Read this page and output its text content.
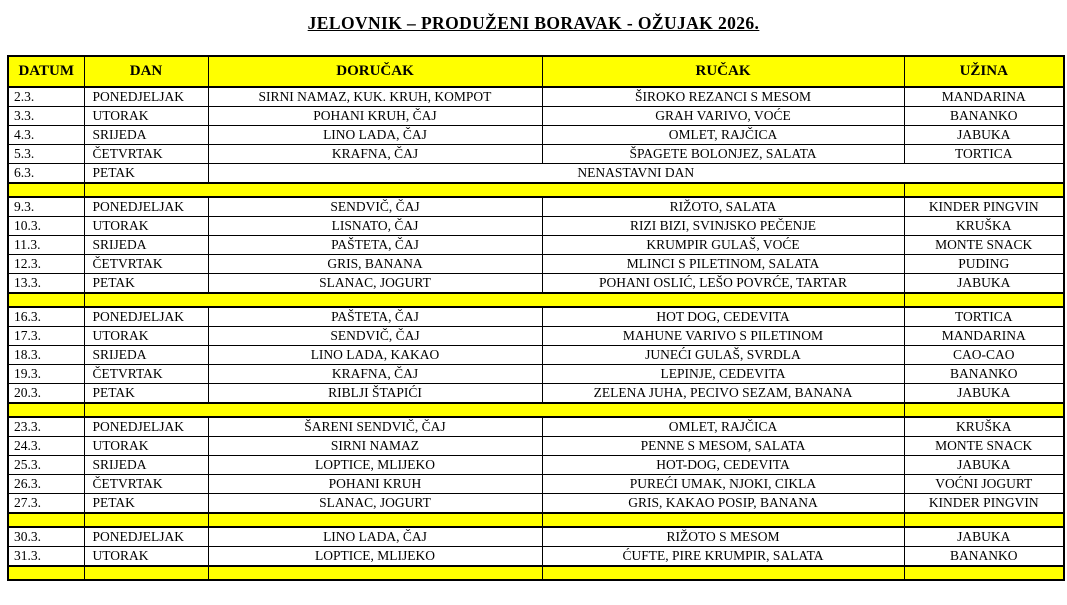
JELOVNIK – PRODUŽENI BORAVAK - OŽUJAK 2026.
DATUM	DAN	DORUČAK	RUČAK	UŽINA
2.3.	PONEDJELJAK	SIRNI NAMAZ, KUK. KRUH, KOMPOT	ŠIROKO REZANCI S MESOM	MANDARINA
3.3.	UTORAK	POHANI KRUH, ČAJ	GRAH VARIVO, VOĆE	BANANKO
4.3.	SRIJEDA	LINO LADA, ČAJ	OMLET, RAJČICA	JABUKA
5.3.	ČETVRTAK	KRAFNA, ČAJ	ŠPAGETE BOLONJEZ, SALATA	TORTICA
6.3.	PETAK	NENASTAVNI DAN		

9.3.	PONEDJELJAK	SENDVIČ, ČAJ	RIŽOTO, SALATA	KINDER PINGVIN
10.3.	UTORAK	LISNATO, ČAJ	RIZI BIZI, SVINJSKO PEČENJE	KRUŠKA
11.3.	SRIJEDA	PAŠTETA, ČAJ	KRUMPIR GULAŠ, VOĆE	MONTE SNACK
12.3.	ČETVRTAK	GRIS, BANANA	MLINCI S PILETINOM, SALATA	PUDING
13.3.	PETAK	SLANAC, JOGURT	POHANI OSLIĆ, LEŠO POVRĆE, TARTAR	JABUKA

16.3.	PONEDJELJAK	PAŠTETA, ČAJ	HOT DOG, CEDEVITA	TORTICA
17.3.	UTORAK	SENDVIČ, ČAJ	MAHUNE VARIVO S PILETINOM	MANDARINA
18.3.	SRIJEDA	LINO LADA, KAKAO	JUNEĆI GULAŠ, SVRDLA	CAO-CAO
19.3.	ČETVRTAK	KRAFNA, ČAJ	LEPINJE, CEDEVITA	BANANKO
20.3.	PETAK	RIBLJI ŠTAPIĆI	ZELENA JUHA, PECIVO SEZAM, BANANA	JABUKA

23.3.	PONEDJELJAK	ŠARENI SENDVIČ, ČAJ	OMLET, RAJČICA	KRUŠKA
24.3.	UTORAK	SIRNI NAMAZ	PENNE S MESOM, SALATA	MONTE SNACK
25.3.	SRIJEDA	LOPTICE, MLIJEKO	HOT-DOG, CEDEVITA	JABUKA
26.3.	ČETVRTAK	POHANI KRUH	PUREĆI UMAK, NJOKI, CIKLA	VOĆNI JOGURT
27.3.	PETAK	SLANAC, JOGURT	GRIS, KAKAO POSIP, BANANA	KINDER PINGVIN

30.3.	PONEDJELJAK	LINO LADA, ČAJ	RIŽOTO S MESOM	JABUKA
31.3.	UTORAK	LOPTICE, MLIJEKO	ĆUFTE, PIRE KRUMPIR, SALATA	BANANKO
